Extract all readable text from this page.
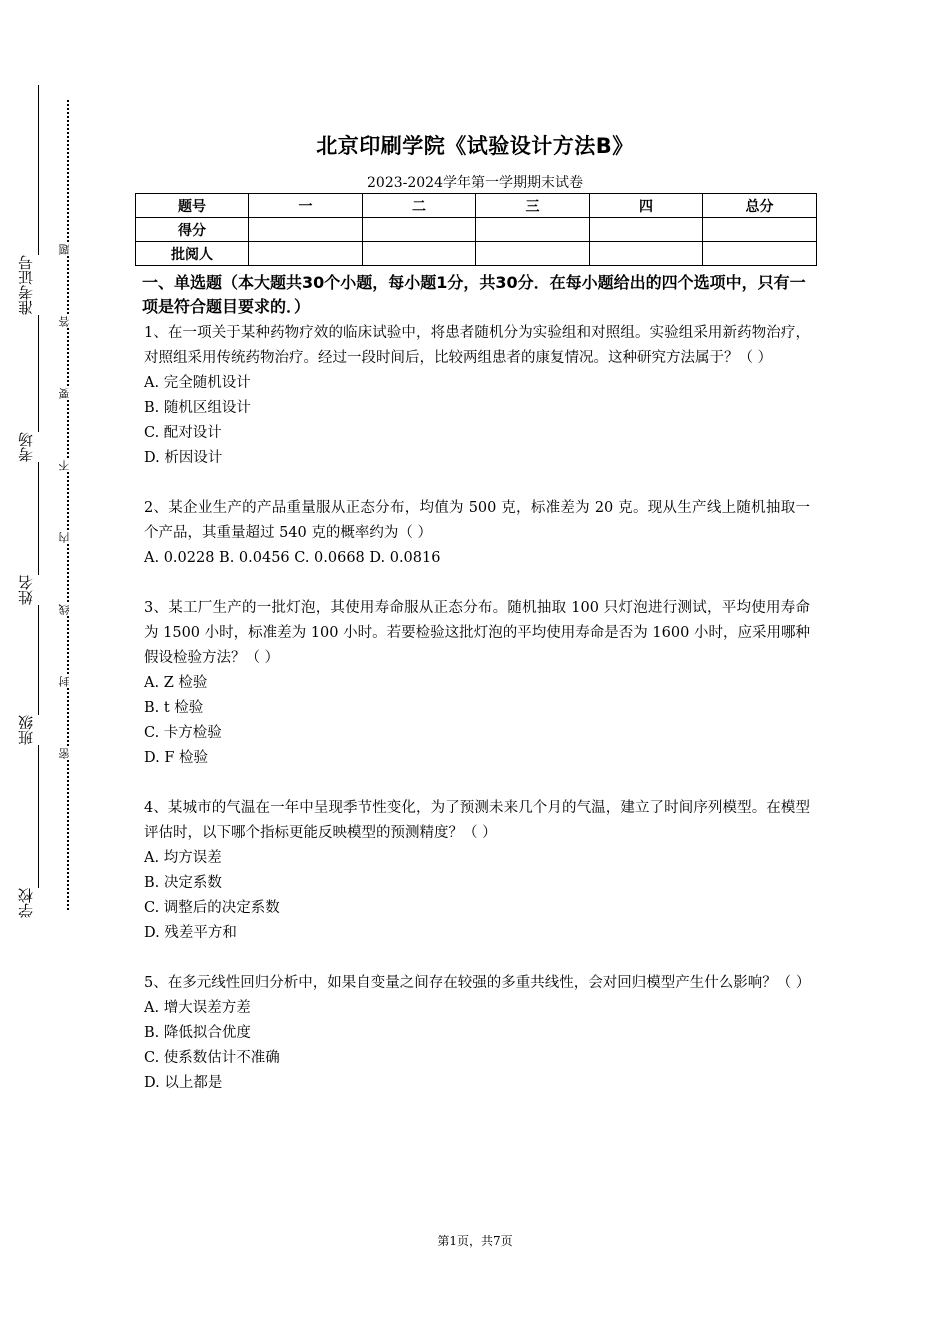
准考证号
考场
姓名
班级
学校
题
答
要
不
内
线
封
密
北京印刷学院《试验设计方法B》
2023-2024学年第一学期期末试卷
题号	一	二	三	四	总分
得分					
批阅人					
一、单选题（本大题共30个小题，每小题1分，共30分．在每小题给出的四个选项中，只有一项是符合题目要求的．）
1、在一项关于某种药物疗效的临床试验中，将患者随机分为实验组和对照组。实验组采用新药物治疗，对照组采用传统药物治疗。经过一段时间后，比较两组患者的康复情况。这种研究方法属于？（ ）
A. 完全随机设计
B. 随机区组设计
C. 配对设计
D. 析因设计
2、某企业生产的产品重量服从正态分布，均值为 500 克，标准差为 20 克。现从生产线上随机抽取一个产品，其重量超过 540 克的概率约为（ ）
A. 0.0228 B. 0.0456 C. 0.0668 D. 0.0816
3、某工厂生产的一批灯泡，其使用寿命服从正态分布。随机抽取 100 只灯泡进行测试，平均使用寿命为 1500 小时，标准差为 100 小时。若要检验这批灯泡的平均使用寿命是否为 1600 小时，应采用哪种假设检验方法？（ ）
A. Z 检验
B. t 检验
C. 卡方检验
D. F 检验
4、某城市的气温在一年中呈现季节性变化，为了预测未来几个月的气温，建立了时间序列模型。在模型评估时，以下哪个指标更能反映模型的预测精度？（ ）
A. 均方误差
B. 决定系数
C. 调整后的决定系数
D. 残差平方和
5、在多元线性回归分析中，如果自变量之间存在较强的多重共线性，会对回归模型产生什么影响？（ ）
A. 增大误差方差
B. 降低拟合优度
C. 使系数估计不准确
D. 以上都是
第1页，共7页
